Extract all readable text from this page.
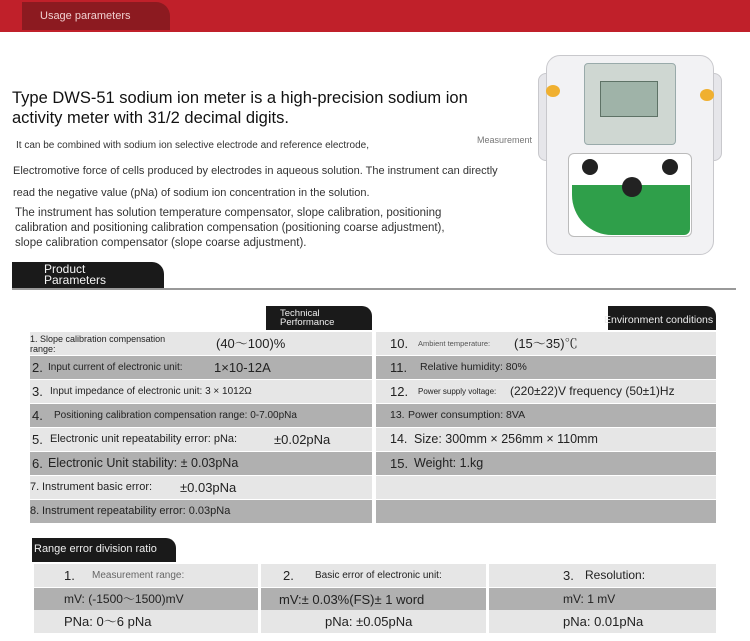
Usage parameters
Type DWS-51 sodium ion meter is a high-precision sodium ion activity meter with 31/2 decimal digits.
Measurement
It can be combined with sodium ion selective electrode and reference electrode,
Electromotive force of cells produced by electrodes in aqueous solution. The instrument can directly read the negative value (pNa) of sodium ion concentration in the solution.
The instrument has solution temperature compensator, slope calibration, positioning calibration and positioning calibration compensation (positioning coarse adjustment), slope calibration compensator (slope coarse adjustment).
Product Parameters
Technical Performance	Environment conditions
1. Slope calibration compensation range:	(40～100)%	10. Ambient temperature: (15～35)℃
2. Input current of electronic unit: 1×10-12A	11. Relative humidity: 80%
3. Input impedance of electronic unit: 3 × 1012Ω	12. Power supply voltage: (220±22)V frequency (50±1)Hz
4. Positioning calibration compensation range: 0-7.00pNa	13. Power consumption: 8VA
5. Electronic unit repeatability error: pNa:	±0.02pNa	14. Size: 300mm × 256mm × 110mm
6. Electronic Unit stability: ± 0.03pNa	15. Weight: 1.kg
7. Instrument basic error: ±0.03pNa
8. Instrument repeatability error: 0.03pNa
Range error division ratio
1. Measurement range:	2. Basic error of electronic unit:	3. Resolution:
mV: (-1500～1500)mV	mV:± 0.03%(FS)± 1 word	mV: 1 mV
PNa: 0～6 pNa	pNa: ±0.05pNa	pNa: 0.01pNa
